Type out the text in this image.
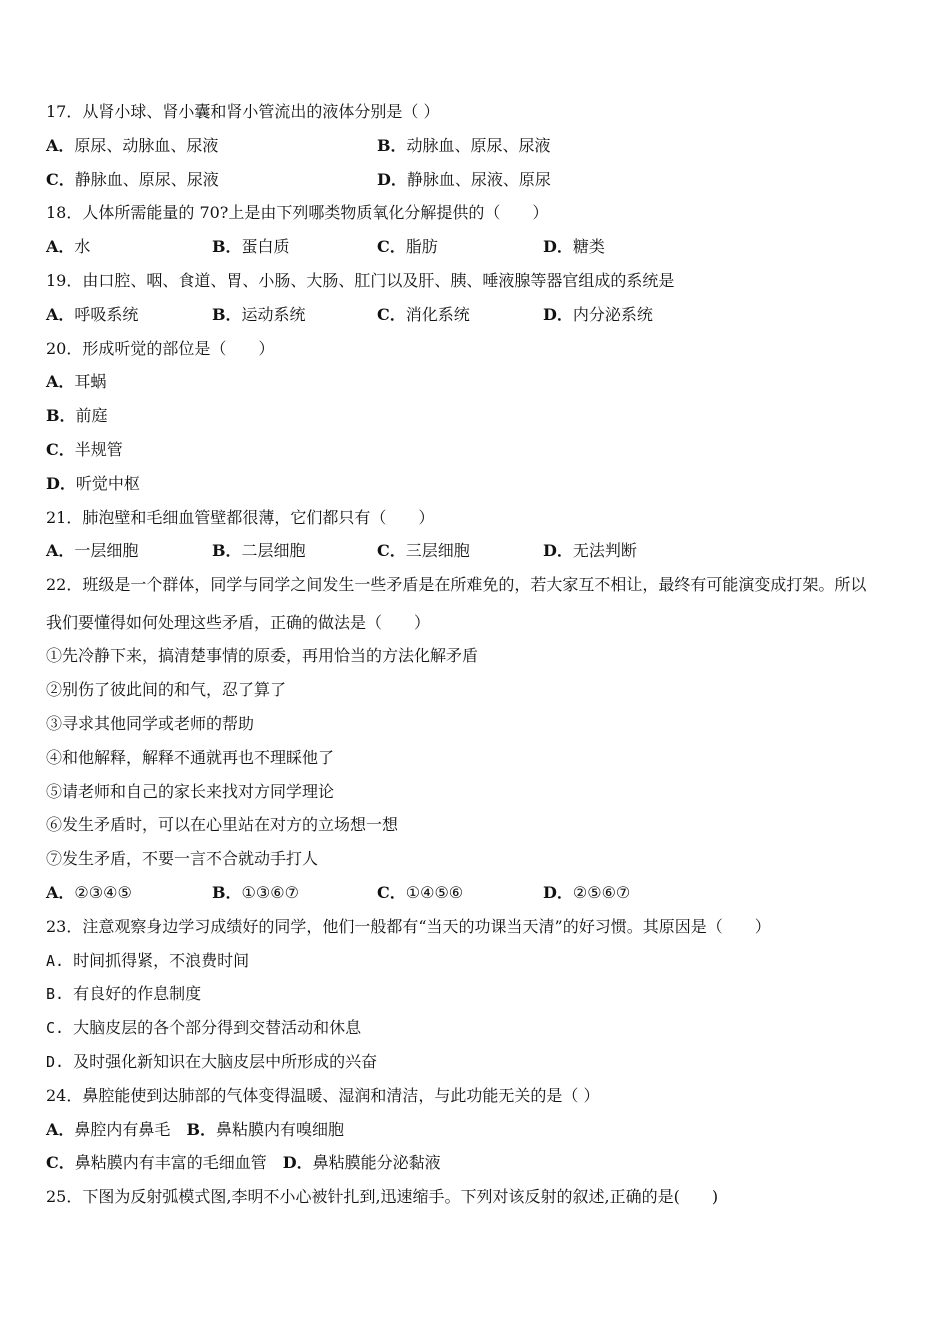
17．从肾小球、肾小囊和肾小管流出的液体分别是（ ）
A．原尿、动脉血、尿液	B．动脉血、原尿、尿液
C．静脉血、原尿、尿液	D．静脉血、尿液、原尿
18．人体所需能量的 70?上是由下列哪类物质氧化分解提供的（　　）
A．水	B．蛋白质	C．脂肪	D．糖类
19．由口腔、咽、食道、胃、小肠、大肠、肛门以及肝、胰、唾液腺等器官组成的系统是
A．呼吸系统	B．运动系统	C．消化系统	D．内分泌系统
20．形成听觉的部位是（　　）
A．耳蜗
B．前庭
C．半规管
D．听觉中枢
21．肺泡壁和毛细血管壁都很薄，它们都只有（　　）
A．一层细胞	B．二层细胞	C．三层细胞	D．无法判断
22．班级是一个群体，同学与同学之间发生一些矛盾是在所难免的，若大家互不相让，最终有可能演变成打架。所以
我们要懂得如何处理这些矛盾，正确的做法是（　　）
①先冷静下来，搞清楚事情的原委，再用恰当的方法化解矛盾
②别伤了彼此间的和气，忍了算了
③寻求其他同学或老师的帮助
④和他解释，解释不通就再也不理睬他了
⑤请老师和自己的家长来找对方同学理论
⑥发生矛盾时，可以在心里站在对方的立场想一想
⑦发生矛盾，不要一言不合就动手打人
A．②③④⑤	B．①③⑥⑦	C．①④⑤⑥	D．②⑤⑥⑦
23．注意观察身边学习成绩好的同学，他们一般都有“当天的功课当天清”的好习惯。其原因是（　　）
A. 时间抓得紧，不浪费时间
B. 有良好的作息制度
C. 大脑皮层的各个部分得到交替活动和休息
D. 及时强化新知识在大脑皮层中所形成的兴奋
24．鼻腔能使到达肺部的气体变得温暖、湿润和清洁，与此功能无关的是（ ）
A．鼻腔内有鼻毛  B．鼻粘膜内有嗅细胞
C．鼻粘膜内有丰富的毛细血管  D．鼻粘膜能分泌黏液
25．下图为反射弧模式图,李明不小心被针扎到,迅速缩手。下列对该反射的叙述,正确的是(　　)
